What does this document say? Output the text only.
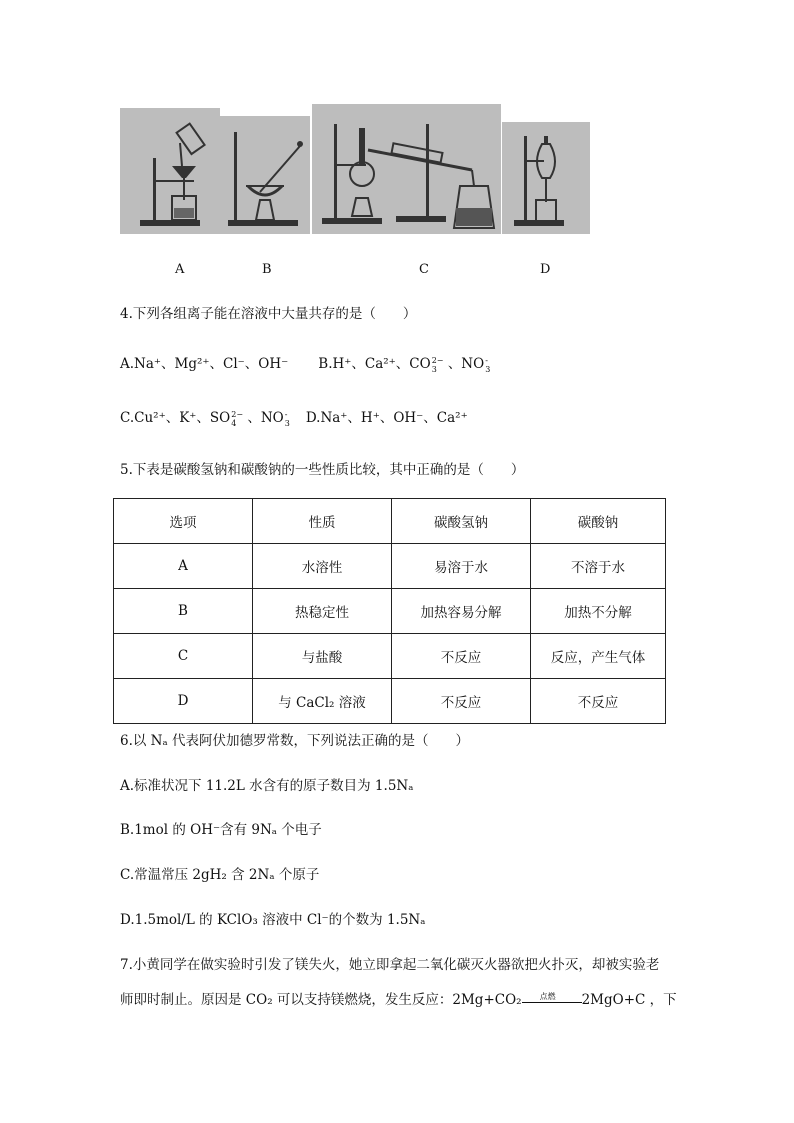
A	B	C	D
4.下列各组离子能在溶液中大量共存的是（　　）
A.Na⁺、Mg²⁺、Cl⁻、OH⁻ B.H⁺、Ca²⁺、CO 2−
3 、NO -
3
C.Cu²⁺、K⁺、SO 2−
4 、NO -
3 D.Na⁺、H⁺、OH⁻、Ca²⁺
5.下表是碳酸氢钠和碳酸钠的一些性质比较，其中正确的是（　　）
选项	性质	碳酸氢钠	碳酸钠
A	水溶性	易溶于水	不溶于水
B	热稳定性	加热容易分解	加热不分解
C	与盐酸	不反应	反应，产生气体
D	与 CaCl₂ 溶液	不反应	不反应
6.以 Nₐ 代表阿伏加德罗常数，下列说法正确的是（　　）
A.标准状况下 11.2L 水含有的原子数目为 1.5Nₐ
B.1mol 的 OH⁻含有 9Nₐ 个电子
C.常温常压 2gH₂ 含 2Nₐ 个原子
D.1.5mol/L 的 KClO₃ 溶液中 Cl⁻的个数为 1.5Nₐ
7.小黄同学在做实验时引发了镁失火，她立即拿起二氧化碳灭火器欲把火扑灭，却被实验老
师即时制止。原因是 CO₂ 可以支持镁燃烧，发生反应：2Mg+CO₂ 点燃 2MgO+C ，下
